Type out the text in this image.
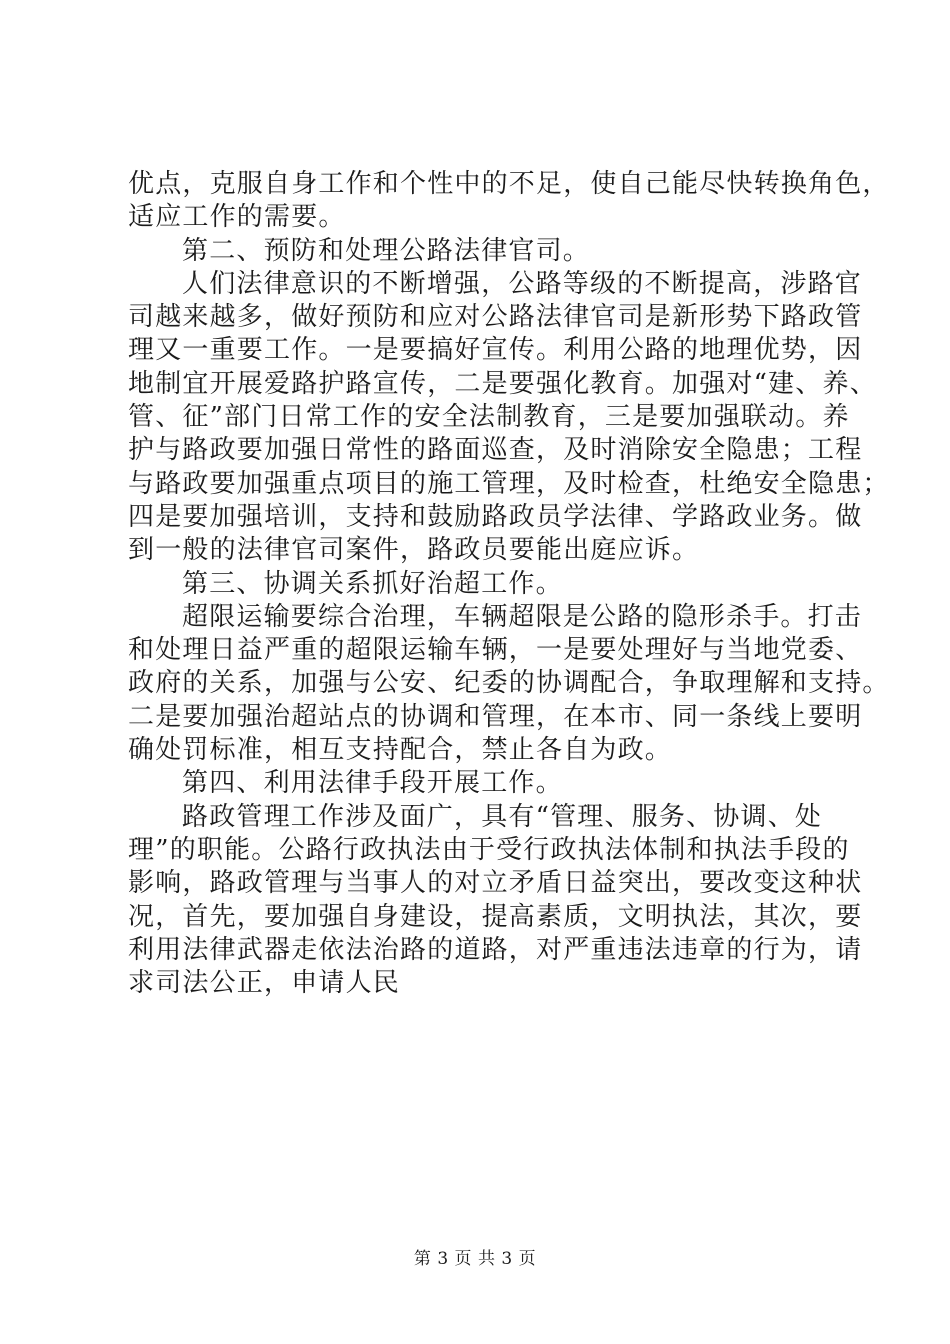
优点，克服自身工作和个性中的不足，使自己能尽快转换角色，
适应工作的需要。
第二、预防和处理公路法律官司。
人们法律意识的不断增强，公路等级的不断提高，涉路官
司越来越多，做好预防和应对公路法律官司是新形势下路政管
理又一重要工作。一是要搞好宣传。利用公路的地理优势，因
地制宜开展爱路护路宣传，二是要强化教育。加强对“建、养、
管、征”部门日常工作的安全法制教育，三是要加强联动。养
护与路政要加强日常性的路面巡查，及时消除安全隐患；工程
与路政要加强重点项目的施工管理，及时检查，杜绝安全隐患；
四是要加强培训，支持和鼓励路政员学法律、学路政业务。做
到一般的法律官司案件，路政员要能出庭应诉。
第三、协调关系抓好治超工作。
超限运输要综合治理，车辆超限是公路的隐形杀手。打击
和处理日益严重的超限运输车辆，一是要处理好与当地党委、
政府的关系，加强与公安、纪委的协调配合，争取理解和支持。
二是要加强治超站点的协调和管理，在本市、同一条线上要明
确处罚标准，相互支持配合，禁止各自为政。
第四、利用法律手段开展工作。
路政管理工作涉及面广，具有“管理、服务、协调、处
理”的职能。公路行政执法由于受行政执法体制和执法手段的
影响，路政管理与当事人的对立矛盾日益突出，要改变这种状
况，首先，要加强自身建设，提高素质，文明执法，其次，要
利用法律武器走依法治路的道路，对严重违法违章的行为，请
求司法公正，申请人民
第 3 页 共 3 页
